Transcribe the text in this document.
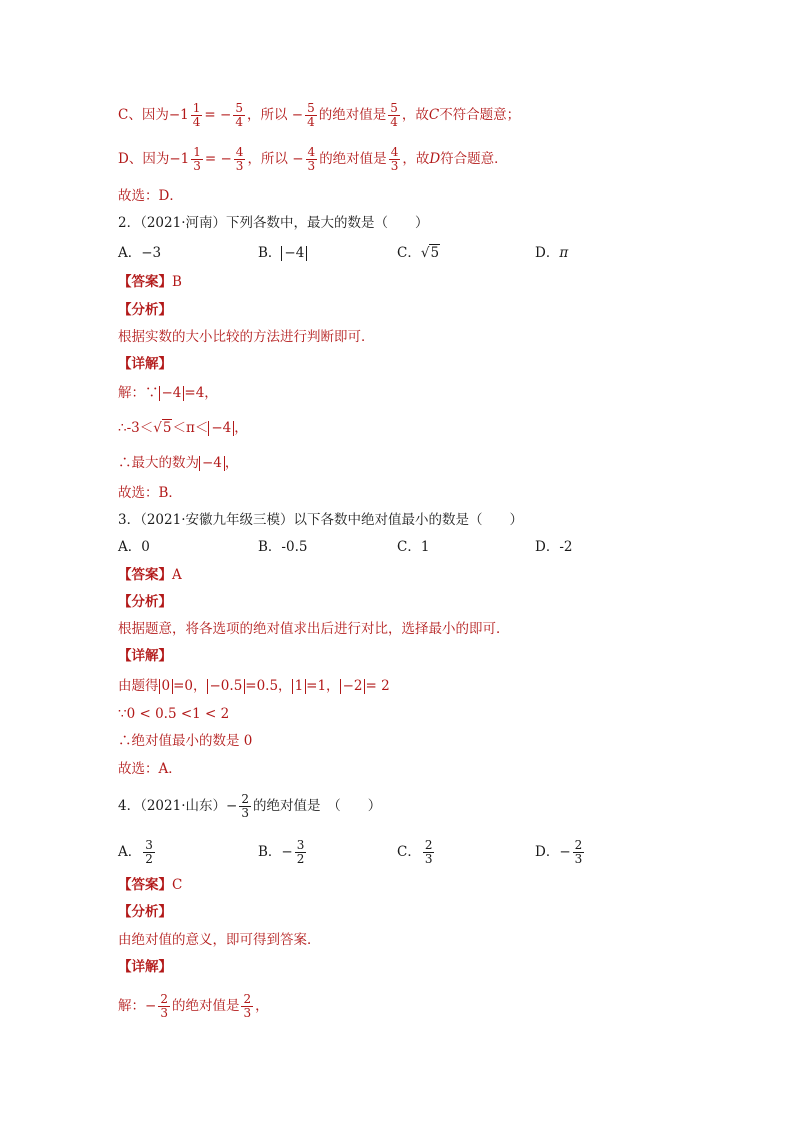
C、因为$-1 \frac{1}{4}$ = − $\frac{5}{4}$ ，所以 − $\frac{5}{4}$ 的绝对值是 $\frac{5}{4}$ ，故C不符合题意；
D、因为$-1 \frac{1}{3}$ = − $\frac{4}{3}$ ，所以 − $\frac{4}{3}$ 的绝对值是 $\frac{4}{3}$ ，故D符合题意．
故选：D．
2．（2021·河南）下列各数中，最大的数是（　　）
A．−3	B． −4	C．√5	D．π
【答案】B
【分析】
根据实数的大小比较的方法进行判断即可．
【详解】
解：∵ −4 =4，
∴-3＜√5＜π＜ −4 ，
∴最大的数为 −4 ，
故选：B．
3．（2021·安徽九年级三模）以下各数中绝对值最小的数是（　　）
A．0	B．-0.5	C．1	D．-2
【答案】A
【分析】
根据题意，将各选项的绝对值求出后进行对比，选择最小的即可．
【详解】
由题得 0 =0， −0.5 =0.5， 1 =1， −2 = 2
∵0 < 0.5 <1 < 2
∴绝对值最小的数是 0
故选：A．
4．（2021·山东）− $\frac{2}{3}$ 的绝对值是　（　　）
A． $\frac{3}{2}$	B．− $\frac{3}{2}$	C． $\frac{2}{3}$	D．− $\frac{2}{3}$
【答案】C
【分析】
由绝对值的意义，即可得到答案．
【详解】
解：− $\frac{2}{3}$ 的绝对值是 $\frac{2}{3}$ ，
